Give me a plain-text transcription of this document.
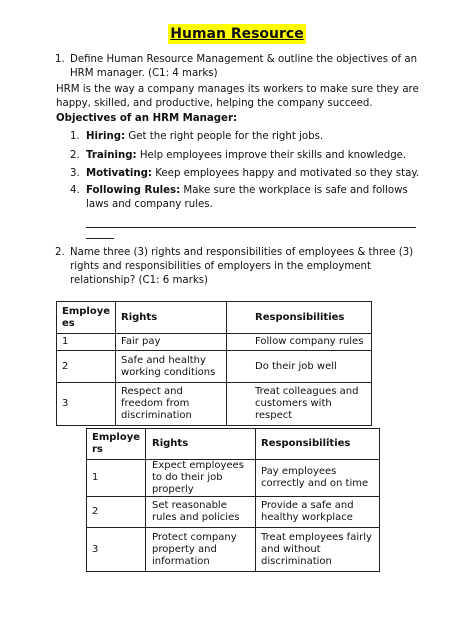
Human Resource
1. Define Human Resource Management & outline the objectives of an HRM manager. (C1: 4 marks)
HRM is the way a company manages its workers to make sure they are happy, skilled, and productive, helping the company succeed.
Objectives of an HRM Manager:
1. Hiring: Get the right people for the right jobs.
2. Training: Help employees improve their skills and knowledge.
3. Motivating: Keep employees happy and motivated so they stay.
4. Following Rules: Make sure the workplace is safe and follows laws and company rules.
2. Name three (3) rights and responsibilities of employees & three (3) rights and responsibilities of employers in the employment relationship? (C1: 6 marks)
Employe
es	Rights	Responsibilities
1	Fair pay	Follow company rules
2	Safe and healthy working conditions	Do their job well
3	Respect and freedom from discrimination	Treat colleagues and customers with respect
Employe
rs	Rights	Responsibilities
1	Expect employees to do their job properly	Pay employees correctly and on time
2	Set reasonable rules and policies	Provide a safe and healthy workplace
3	Protect company property and information	Treat employees fairly and without discrimination
